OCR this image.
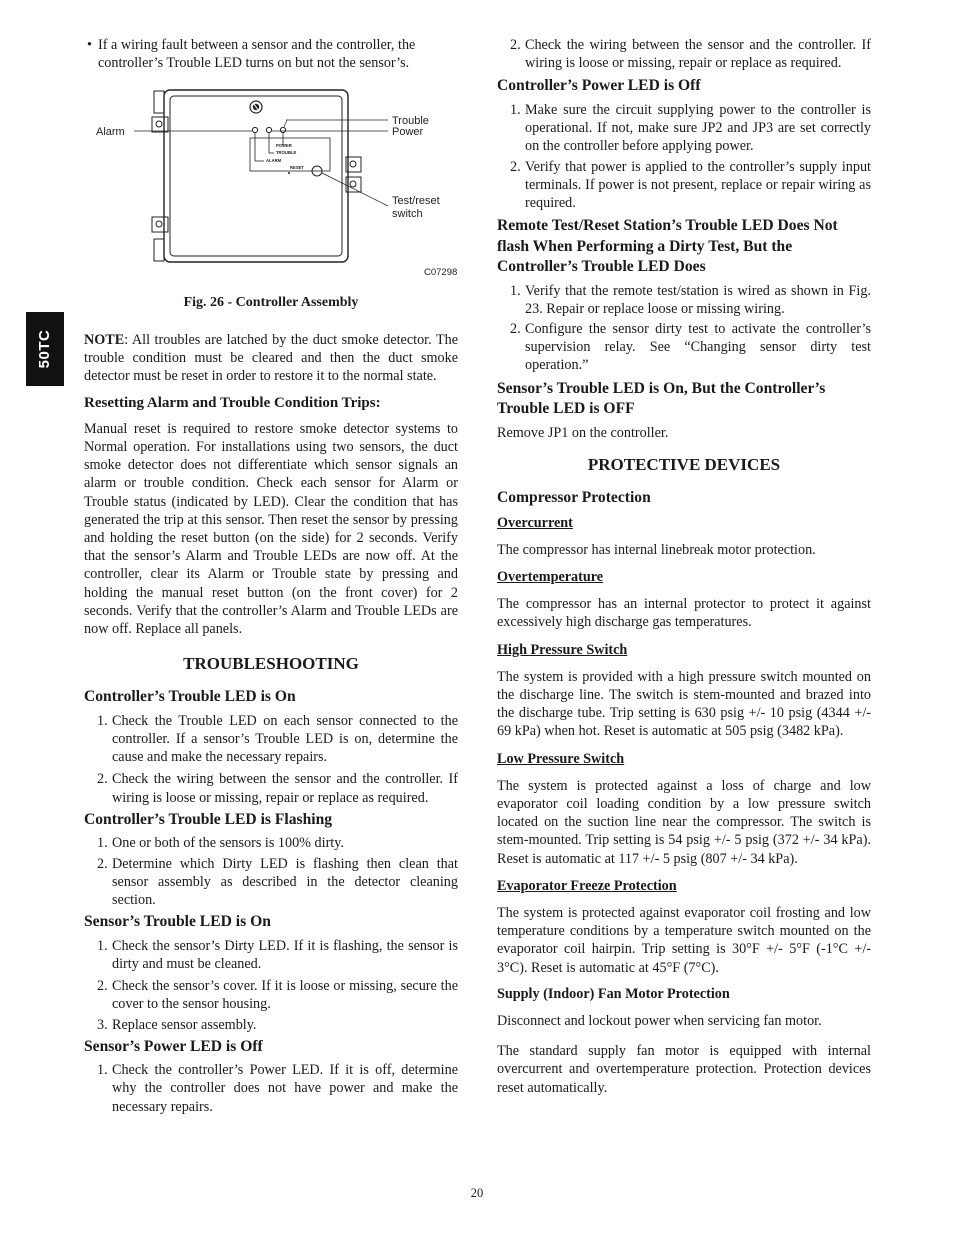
50TC
• If a wiring fault between a sensor and the controller, the controller’s Trouble LED turns on but not the sensor’s.

POWER
TROUBLE
ALARM
RESET
Alarm
Trouble
Power
Test/reset
switch
C07298

Fig. 26 - Controller Assembly

NOTE: All troubles are latched by the duct smoke detector. The trouble condition must be cleared and then the duct smoke detector must be reset in order to restore it to the normal state.

Resetting Alarm and Trouble Condition Trips:

Manual reset is required to restore smoke detector systems to Normal operation. For installations using two sensors, the duct smoke detector does not differentiate which sensor signals an alarm or trouble condition. Check each sensor for Alarm or Trouble status (indicated by LED). Clear the condition that has generated the trip at this sensor. Then reset the sensor by pressing and holding the reset button (on the side) for 2 seconds. Verify that the sensor’s Alarm and Trouble LEDs are now off. At the controller, clear its Alarm or Trouble state by pressing and holding the manual reset button (on the front cover) for 2 seconds. Verify that the controller’s Alarm and Trouble LEDs are now off. Replace all panels.

TROUBLESHOOTING

Controller’s Trouble LED is On

1. Check the Trouble LED on each sensor connected to the controller. If a sensor’s Trouble LED is on, determine the cause and make the necessary repairs.
2. Check the wiring between the sensor and the controller. If wiring is loose or missing, repair or replace as required.

Controller’s Trouble LED is Flashing

1. One or both of the sensors is 100% dirty.
2. Determine which Dirty LED is flashing then clean that sensor assembly as described in the detector cleaning section.

Sensor’s Trouble LED is On

1. Check the sensor’s Dirty LED. If it is flashing, the sensor is dirty and must be cleaned.
2. Check the sensor’s cover. If it is loose or missing, secure the cover to the sensor housing.
3. Replace sensor assembly.

Sensor’s Power LED is Off

1. Check the controller’s Power LED. If it is off, determine why the controller does not have power and make the necessary repairs.
2. Check the wiring between the sensor and the controller. If wiring is loose or missing, repair or replace as required.

Controller’s Power LED is Off

1. Make sure the circuit supplying power to the controller is operational. If not, make sure JP2 and JP3 are set correctly on the controller before applying power.
2. Verify that power is applied to the controller’s supply input terminals. If power is not present, replace or repair wiring as required.

Remote Test/Reset Station’s Trouble LED Does Not flash When Performing a Dirty Test, But the Controller’s Trouble LED Does

1. Verify that the remote test/station is wired as shown in Fig. 23. Repair or replace loose or missing wiring.
2. Configure the sensor dirty test to activate the controller’s supervision relay. See “Changing sensor dirty test operation.”

Sensor’s Trouble LED is On, But the Controller’s Trouble LED is OFF

Remove JP1 on the controller.

PROTECTIVE DEVICES

Compressor Protection

Overcurrent

The compressor has internal linebreak motor protection.

Overtemperature

The compressor has an internal protector to protect it against excessively high discharge gas temperatures.

High Pressure Switch

The system is provided with a high pressure switch mounted on the discharge line. The switch is stem-mounted and brazed into the discharge tube. Trip setting is 630 psig +/- 10 psig (4344 +/- 69 kPa) when hot. Reset is automatic at 505 psig (3482 kPa).

Low Pressure Switch

The system is protected against a loss of charge and low evaporator coil loading condition by a low pressure switch located on the suction line near the compressor. The switch is stem-mounted. Trip setting is 54 psig +/- 5 psig (372 +/- 34 kPa). Reset is automatic at 117 +/- 5 psig (807 +/- 34 kPa).

Evaporator Freeze Protection

The system is protected against evaporator coil frosting and low temperature conditions by a temperature switch mounted on the evaporator coil hairpin. Trip setting is 30°F +/- 5°F (-1°C +/- 3°C). Reset is automatic at 45°F (7°C).

Supply (Indoor) Fan Motor Protection

Disconnect and lockout power when servicing fan motor.

The standard supply fan motor is equipped with internal overcurrent and overtemperature protection. Protection devices reset automatically.

20
